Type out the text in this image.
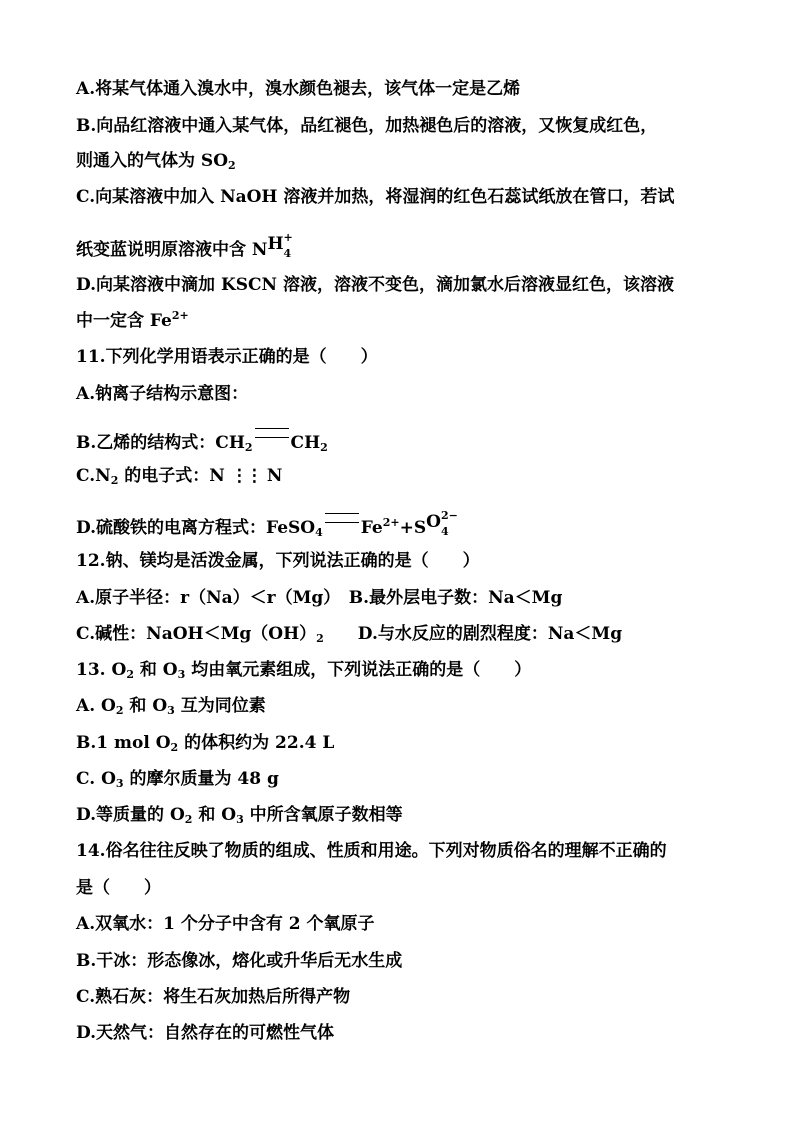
A.将某气体通入溴水中，溴水颜色褪去，该气体一定是乙烯
B.向品红溶液中通入某气体，品红褪色，加热褪色后的溶液，又恢复成红色，
则通入的气体为 $SO_2$
C.向某溶液中加入 NaOH 溶液并加热，将湿润的红色石蕊试纸放在管口，若试
纸变蓝说明原溶液中含 NH +
4
D.向某溶液中滴加 KSCN 溶液，溶液不变色，滴加氯水后溶液显红色，该溶液
中一定含 $Fe^{2+}$
11.下列化学用语表示正确的是（　　）
A.钠离子结构示意图：
B.乙烯的结构式：$CH_2$ $CH_2$
$C.N_2$ 的电子式：N ⋮⋮ N
D.硫酸铁的电离方程式：FeSO$_4$ $Fe^{2+}+SO$ 2−
4
12.钠、镁均是活泼金属，下列说法正确的是（　　）
A.原子半径：r（Na）＜r（Mg）　B.最外层电子数：Na＜Mg
C.碱性：$NaOH<Mg(OH)_2$　　D.与水反应的剧烈程度：Na＜Mg
13. $O_2$ 和 $O_3$ 均由氧元素组成，下列说法正确的是（　　）
A. $O_2$ 和 $O_3$ 互为同位素
B.1 mol $O_2$ 的体积约为 22.4 L
C. $O_3$ 的摩尔质量为 48 g
D.等质量的 $O_2$ 和 $O_3$ 中所含氧原子数相等
14.俗名往往反映了物质的组成、性质和用途。下列对物质俗名的理解不正确的
是（　　）
A.双氧水：1 个分子中含有 2 个氧原子
B.干冰：形态像冰，熔化或升华后无水生成
C.熟石灰：将生石灰加热后所得产物
D.天然气：自然存在的可燃性气体
